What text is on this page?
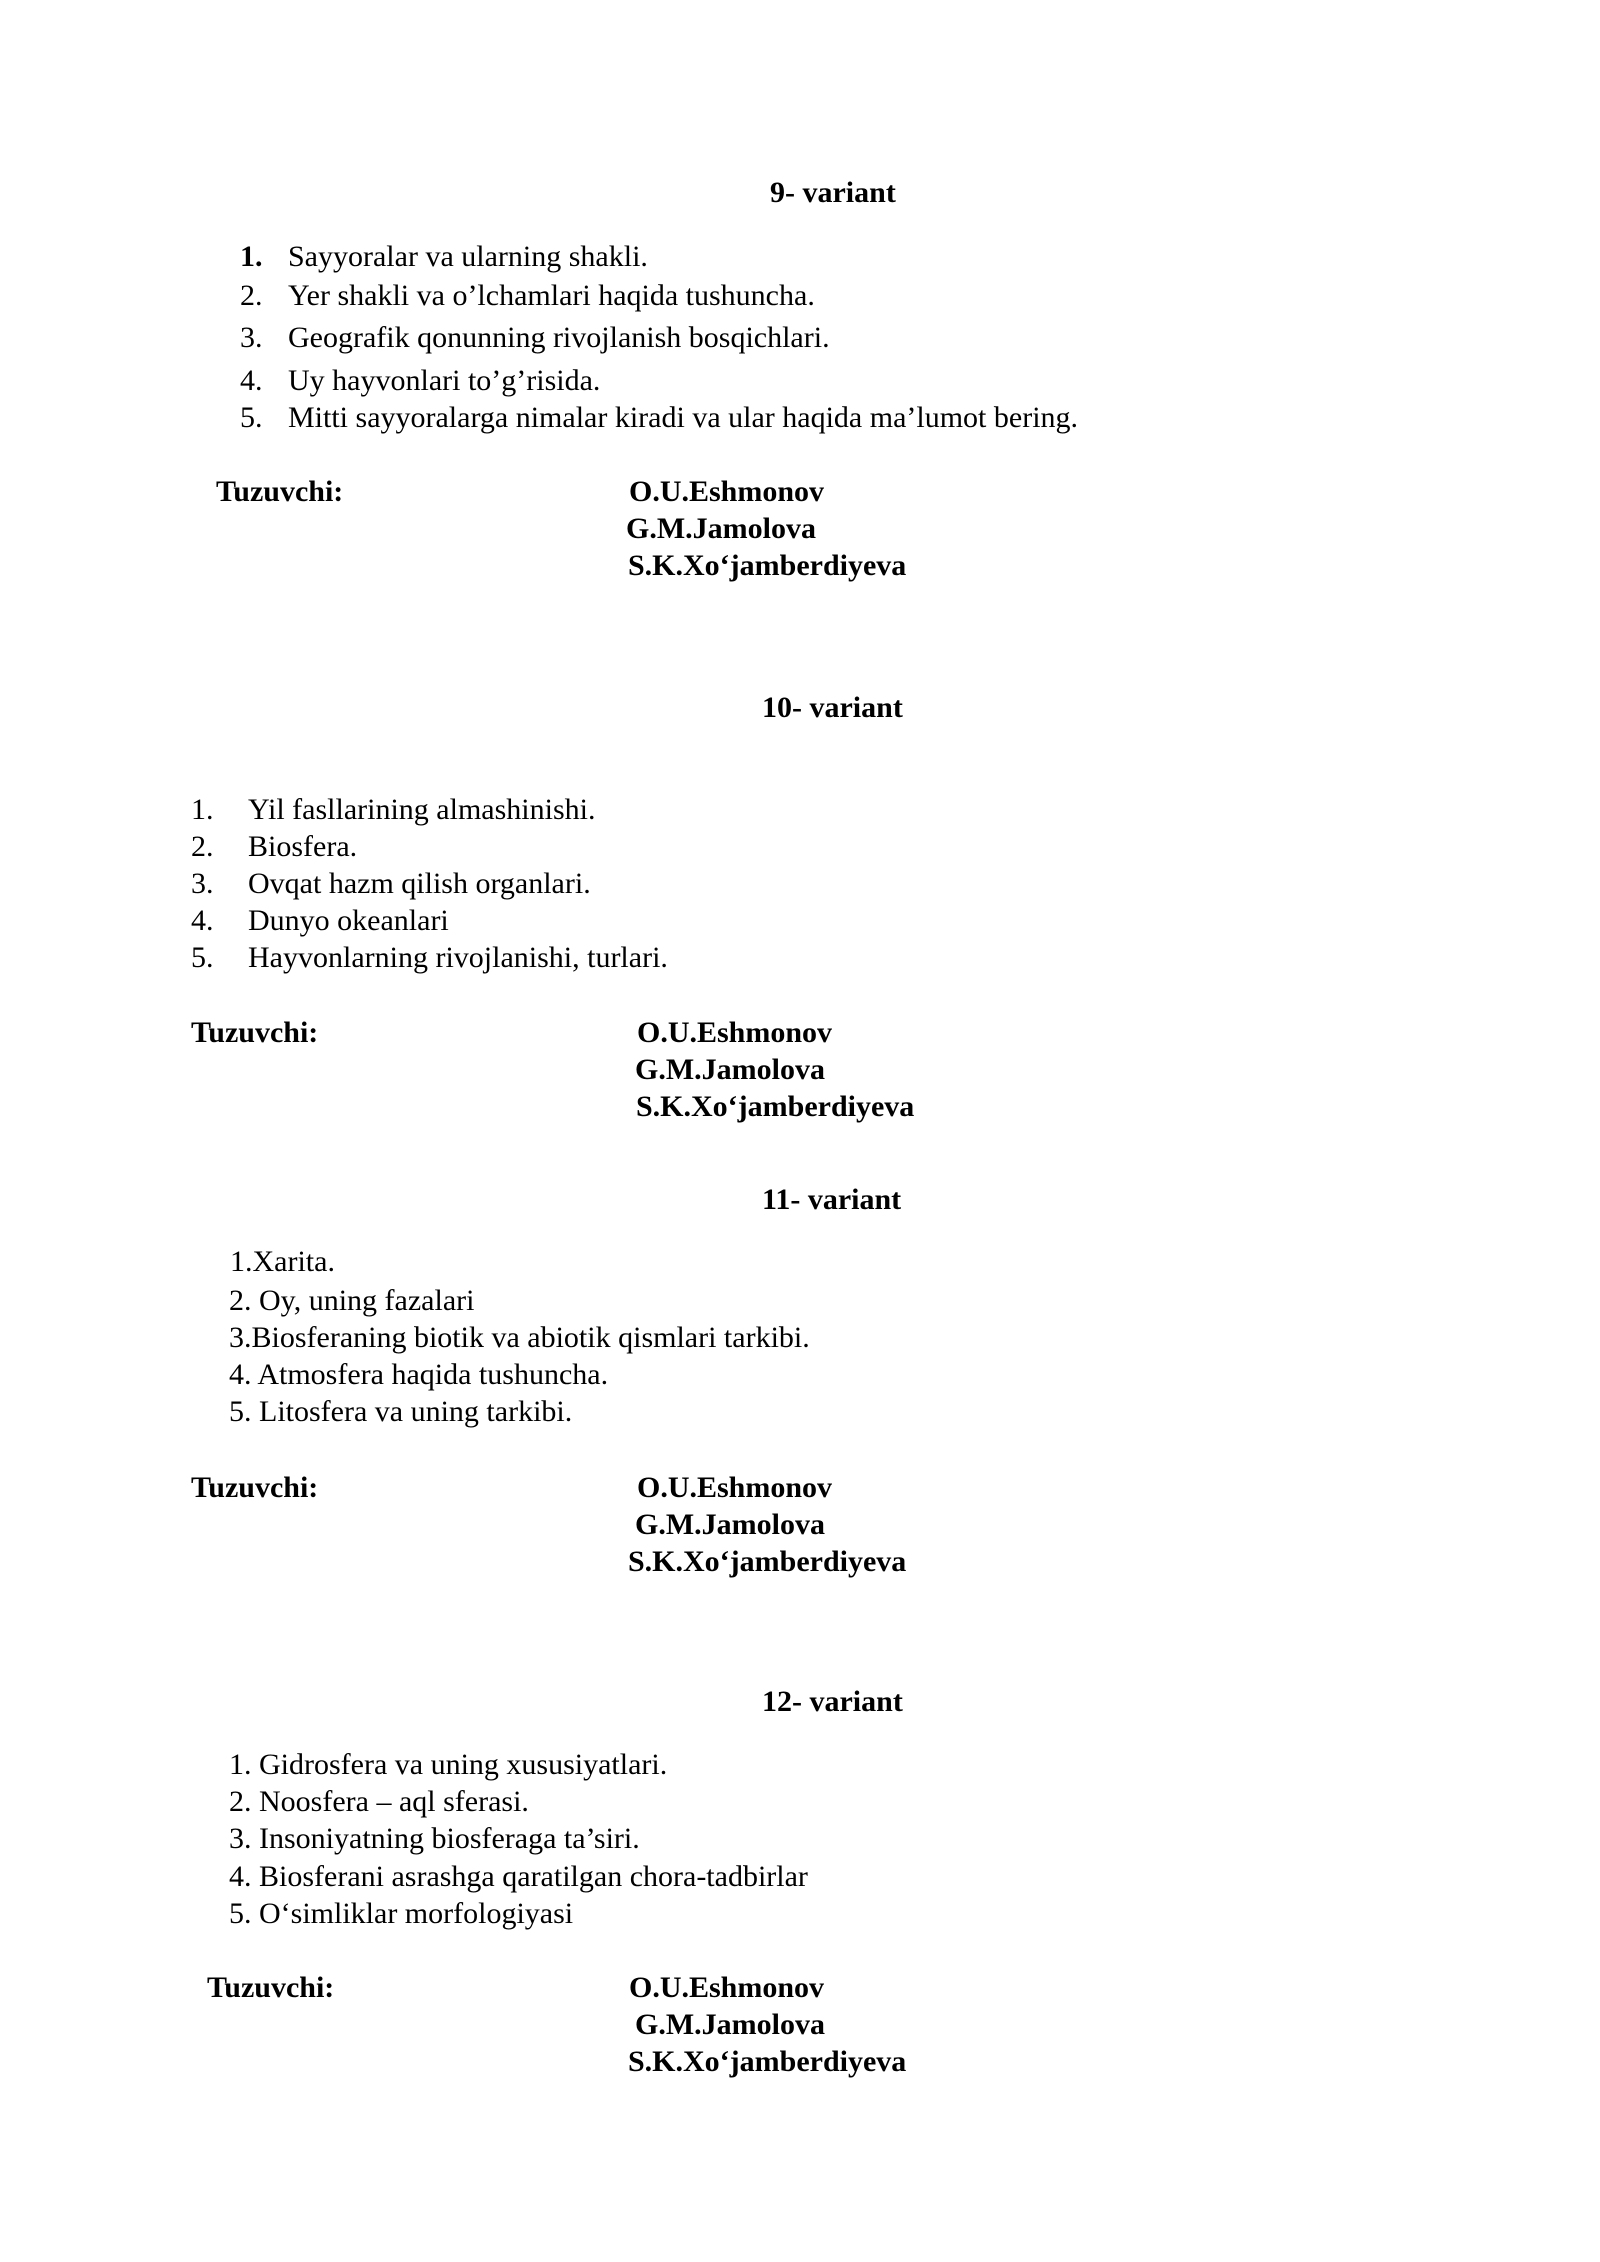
9- variant
1. Sayyoralar va ularning shakli.
2. Yer shakli va o’lchamlari haqida tushuncha.
3. Geografik qonunning rivojlanish bosqichlari.
4. Uy hayvonlari to’g’risida.
5. Mitti sayyoralarga nimalar kiradi va ular haqida ma’lumot bering.
Tuzuvchi:	O.U.Eshmonov
G.M.Jamolova
S.K.Xo‘jamberdiyeva
10- variant
1. Yil fasllarining almashinishi.
2. Biosfera.
3. Ovqat hazm qilish organlari.
4. Dunyo okeanlari
5. Hayvonlarning rivojlanishi, turlari.
Tuzuvchi:	O.U.Eshmonov
G.M.Jamolova
S.K.Xo‘jamberdiyeva
11- variant
1.Xarita.
2. Oy, uning fazalari
3.Biosferaning biotik va abiotik qismlari tarkibi.
4. Atmosfera haqida tushuncha.
5. Litosfera va uning tarkibi.
Tuzuvchi:	O.U.Eshmonov
G.M.Jamolova
S.K.Xo‘jamberdiyeva
12- variant
1. Gidrosfera va uning xususiyatlari.
2. Noosfera – aql sferasi.
3. Insoniyatning biosferaga ta’siri.
4. Biosferani asrashga qaratilgan chora-tadbirlar
5. O‘simliklar morfologiyasi
Tuzuvchi:	O.U.Eshmonov
G.M.Jamolova
S.K.Xo‘jamberdiyeva
